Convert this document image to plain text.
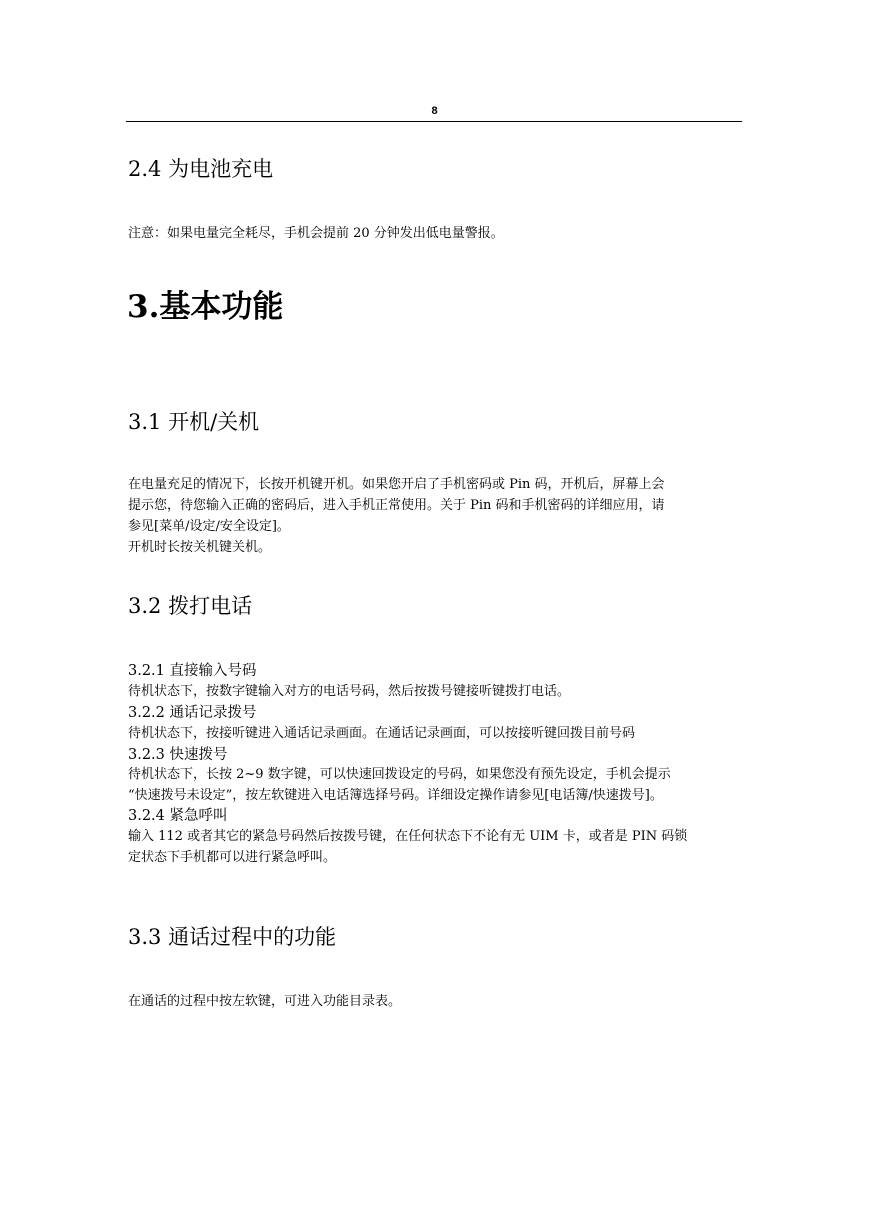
8
2.4 为电池充电

注意：如果电量完全耗尽，手机会提前 20 分钟发出低电量警报。

3.基本功能
3.1 开机/关机

在电量充足的情况下，长按开机键开机。如果您开启了手机密码或 Pin 码，开机后，屏幕上会
提示您，待您输入正确的密码后，进入手机正常使用。关于 Pin 码和手机密码的详细应用，请
参见[菜单/设定/安全设定]。
开机时长按关机键关机。

3.2 拨打电话
3.2.1 直接输入号码

待机状态下，按数字键输入对方的电话号码，然后按拨号键接听键拨打电话。

3.2.2 通话记录拨号

待机状态下，按接听键进入通话记录画面。在通话记录画面，可以按接听键回拨目前号码

3.2.3 快速拨号

待机状态下，长按 2~9 数字键，可以快速回拨设定的号码，如果您没有预先设定，手机会提示
“快速拨号未设定”，按左软键进入电话簿选择号码。详细设定操作请参见[电话簿/快速拨号]。

3.2.4 紧急呼叫

输入 112 或者其它的紧急号码然后按拨号键，在任何状态下不论有无 UIM 卡，或者是 PIN 码锁
定状态下手机都可以进行紧急呼叫。

3.3 通话过程中的功能

在通话的过程中按左软键，可进入功能目录表。
